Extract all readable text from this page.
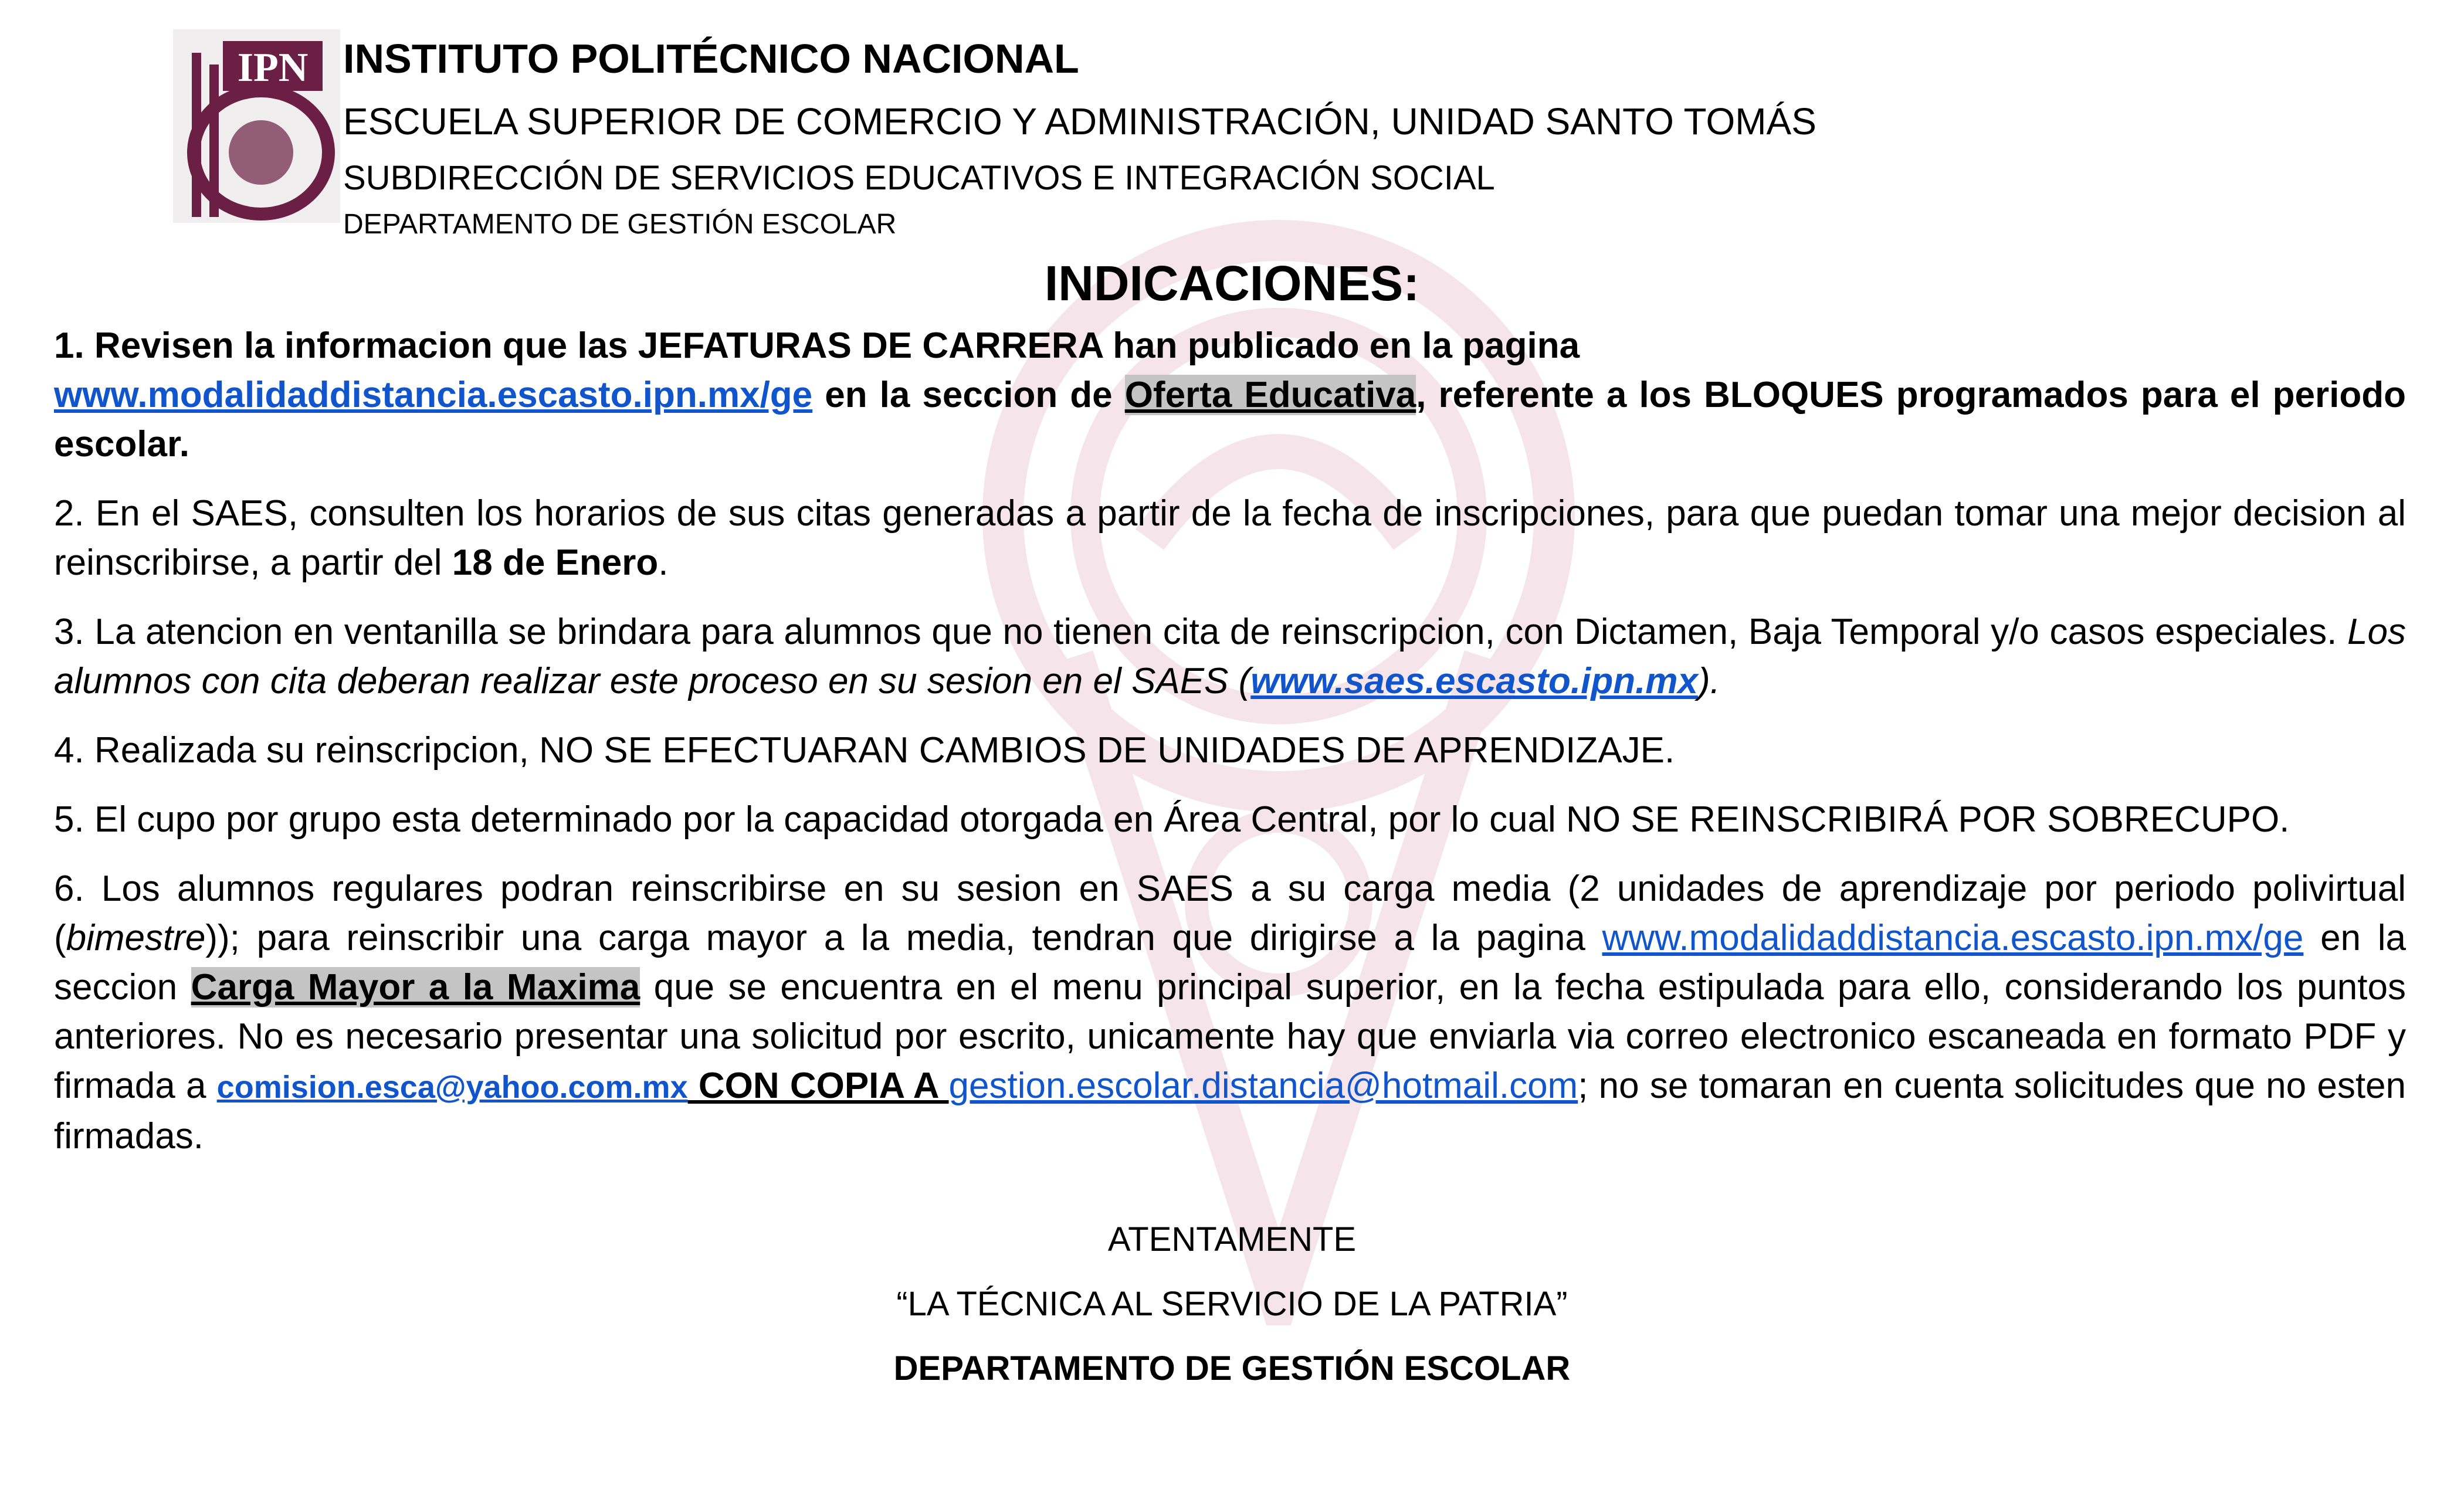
IPN INSTITUTO POLITÉCNICO NACIONAL
ESCUELA SUPERIOR DE COMERCIO Y ADMINISTRACIÓN, UNIDAD SANTO TOMÁS
SUBDIRECCIÓN DE SERVICIOS EDUCATIVOS E INTEGRACIÓN SOCIAL
DEPARTAMENTO DE GESTIÓN ESCOLAR
INDICACIONES:

1. Revisen la informacion que las JEFATURAS DE CARRERA han publicado en la pagina
www.modalidaddistancia.escasto.ipn.mx/ge en la seccion de Oferta Educativa, referente a los BLOQUES programados para el periodo escolar.

2. En el SAES, consulten los horarios de sus citas generadas a partir de la fecha de inscripciones, para que puedan tomar una mejor decision al reinscribirse, a partir del 18 de Enero.

3. La atencion en ventanilla se brindara para alumnos que no tienen cita de reinscripcion, con Dictamen, Baja Temporal y/o casos especiales. Los alumnos con cita deberan realizar este proceso en su sesion en el SAES (www.saes.escasto.ipn.mx).

4. Realizada su reinscripcion, NO SE EFECTUARAN CAMBIOS DE UNIDADES DE APRENDIZAJE.

5. El cupo por grupo esta determinado por la capacidad otorgada en Área Central, por lo cual NO SE REINSCRIBIRÁ POR SOBRECUPO.

6. Los alumnos regulares podran reinscribirse en su sesion en SAES a su carga media (2 unidades de aprendizaje por periodo polivirtual (bimestre)); para reinscribir una carga mayor a la media, tendran que dirigirse a la pagina www.modalidaddistancia.escasto.ipn.mx/ge en la seccion Carga Mayor a la Maxima que se encuentra en el menu principal superior, en la fecha estipulada para ello, considerando los puntos anteriores. No es necesario presentar una solicitud por escrito, unicamente hay que enviarla via correo electronico escaneada en formato PDF y firmada a comision.esca@yahoo.com.mx CON COPIA A gestion.escolar.distancia@hotmail.com; no se tomaran en cuenta solicitudes que no esten firmadas.

ATENTAMENTE
“LA TÉCNICA AL SERVICIO DE LA PATRIA”
DEPARTAMENTO DE GESTIÓN ESCOLAR
